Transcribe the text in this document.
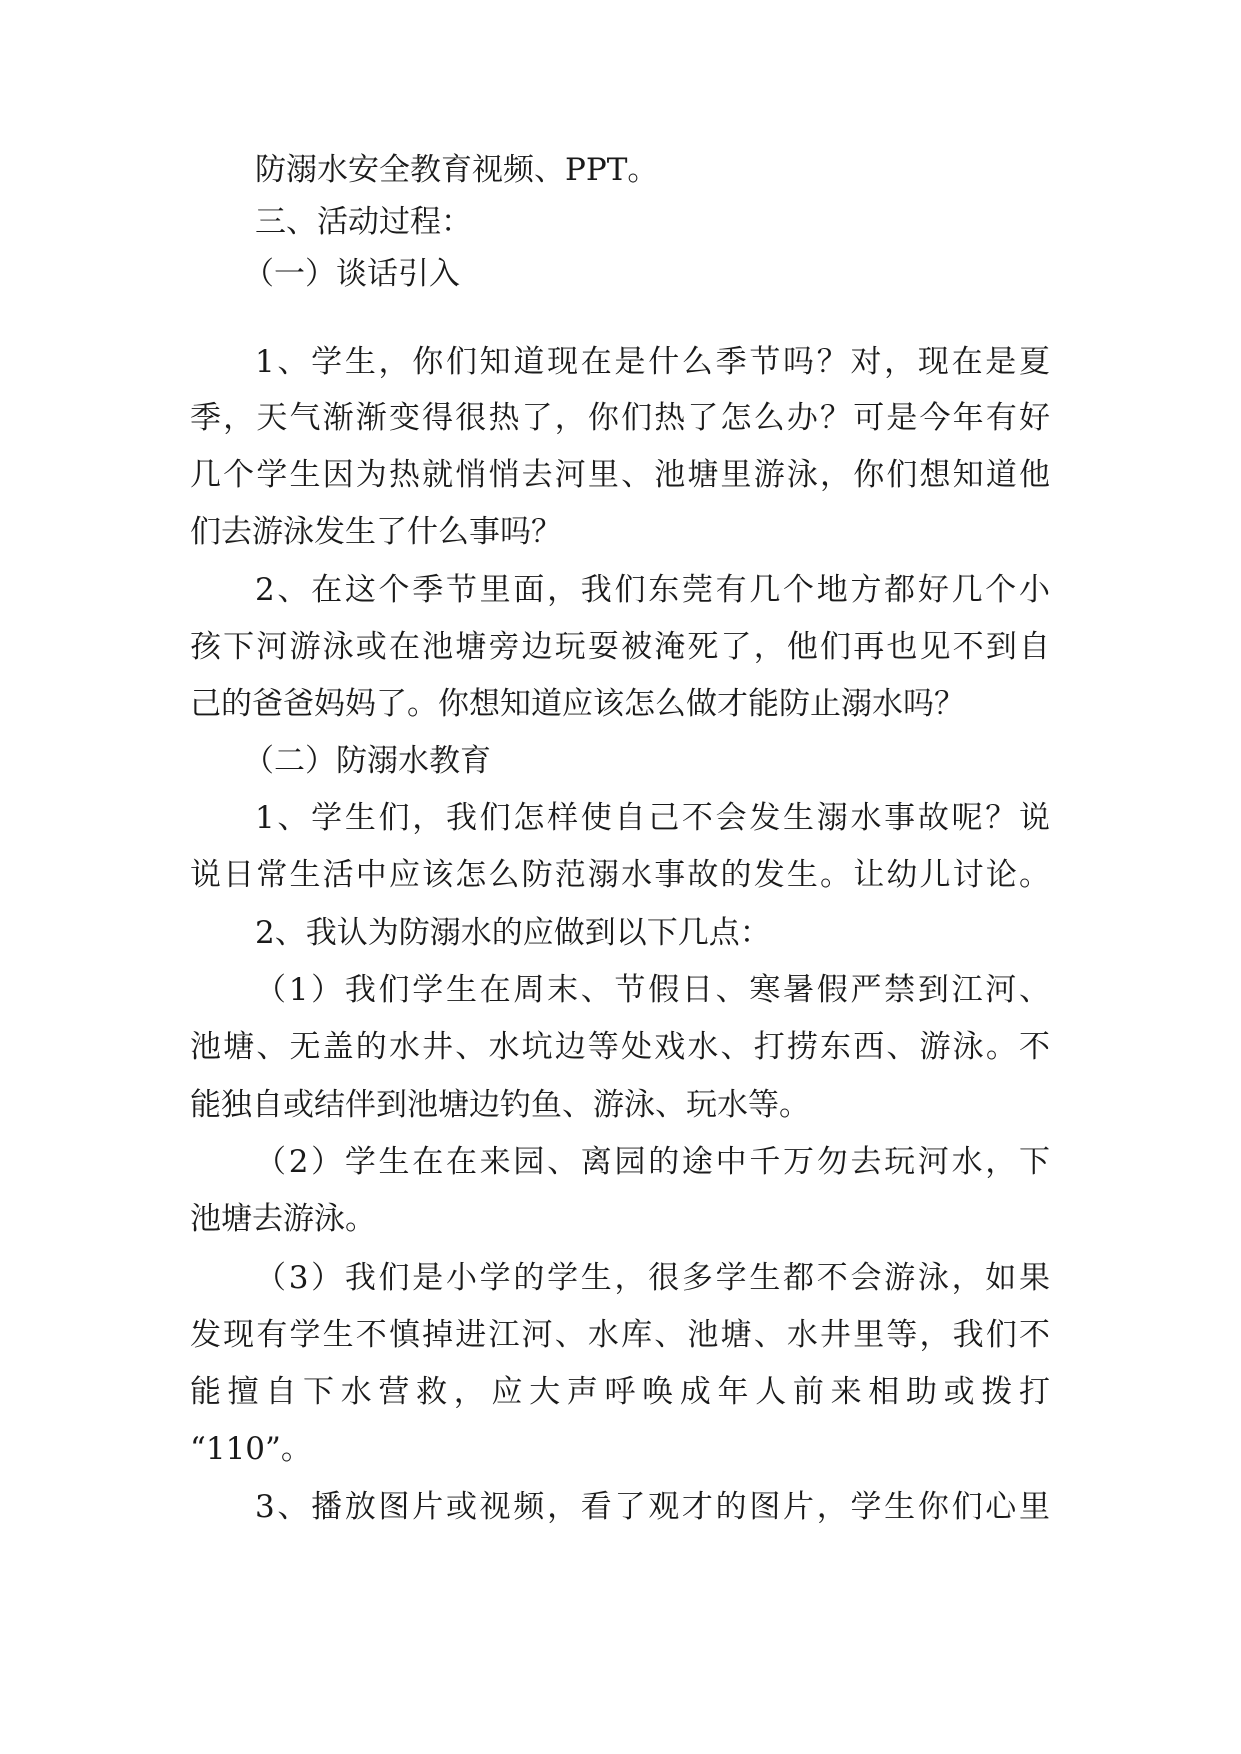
防溺水安全教育视频、PPT。
三、活动过程：
（一）谈话引入
1、学生，你们知道现在是什么季节吗？对，现在是夏
季，天气渐渐变得很热了，你们热了怎么办？可是今年有好
几个学生因为热就悄悄去河里、池塘里游泳，你们想知道他
们去游泳发生了什么事吗？
2、在这个季节里面，我们东莞有几个地方都好几个小
孩下河游泳或在池塘旁边玩耍被淹死了，他们再也见不到自
己的爸爸妈妈了。你想知道应该怎么做才能防止溺水吗？
（二）防溺水教育
1、学生们，我们怎样使自己不会发生溺水事故呢？说
说日常生活中应该怎么防范溺水事故的发生。让幼儿讨论。
2、我认为防溺水的应做到以下几点：
（1）我们学生在周末、节假日、寒暑假严禁到江河、
池塘、无盖的水井、水坑边等处戏水、打捞东西、游泳。不
能独自或结伴到池塘边钓鱼、游泳、玩水等。
（2）学生在在来园、离园的途中千万勿去玩河水，下
池塘去游泳。
（3）我们是小学的学生，很多学生都不会游泳，如果
发现有学生不慎掉进江河、水库、池塘、水井里等，我们不
能擅自下水营救，应大声呼唤成年人前来相助或拨打
“110”。
3、播放图片或视频，看了观才的图片，学生你们心里
